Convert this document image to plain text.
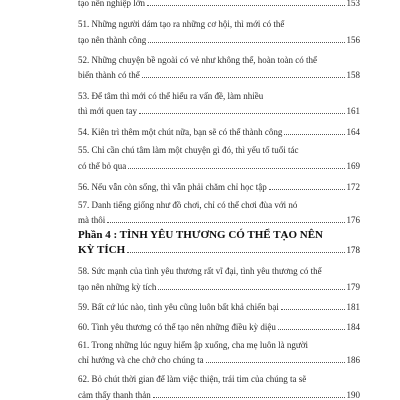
tạo nên nghiệp lớn	153
51. Những người dám tạo ra những cơ hội, thì mới có thể
tạo nên thành công	156
52. Những chuyện bề ngoài có vẻ như không thể, hoàn toàn có thể
biến thành có thể	158
53. Để tâm thì mới có thể hiểu ra vấn đề, làm nhiều
thì mới quen tay	161
54. Kiên trì thêm một chút nữa, bạn sẽ có thể thành công	164
55. Chỉ cần chú tâm làm một chuyện gì đó, thì yếu tố tuổi tác
có thể bỏ qua	169
56. Nếu vẫn còn sống, thì vẫn phải chăm chỉ học tập	172
57. Danh tiếng giống như đồ chơi, chỉ có thể chơi đùa với nó
mà thôi	176
Phần 4 : TÌNH YÊU THƯƠNG CÓ THỂ TẠO NÊN
KỲ TÍCH	178
58. Sức mạnh của tình yêu thương rất vĩ đại, tình yêu thương có thể
tạo nên những kỳ tích	179
59. Bất cứ lúc nào, tình yêu cũng luôn bất khả chiến bại	181
60. Tình yêu thương có thể tạo nên những điều kỳ diệu	184
61. Trong những lúc nguy hiểm ập xuống, cha mẹ luôn là người
chỉ hướng và che chở cho chúng ta	186
62. Bỏ chút thời gian để làm việc thiện, trái tim của chúng ta sẽ
cảm thấy thanh thản	190
